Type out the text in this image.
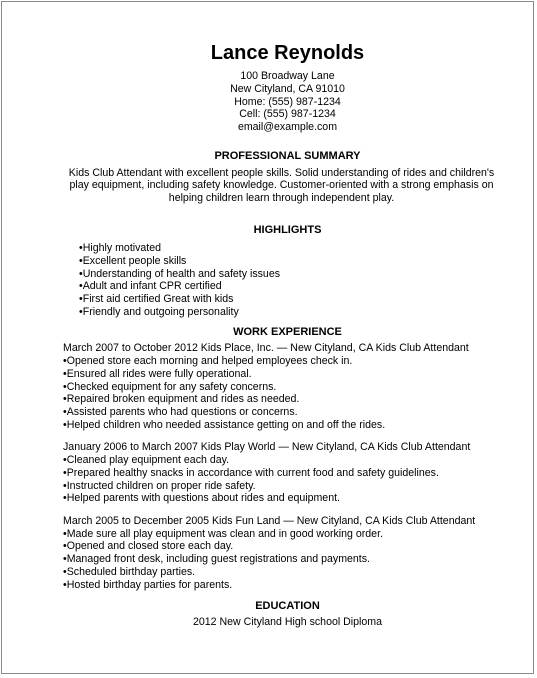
Lance Reynolds
100 Broadway Lane
New Cityland, CA 91010
Home: (555) 987-1234
Cell: (555) 987-1234
email@example.com
PROFESSIONAL SUMMARY
Kids Club Attendant with excellent people skills. Solid understanding of rides and children's play equipment, including safety knowledge. Customer-oriented with a strong emphasis on helping children learn through independent play.
HIGHLIGHTS
• Highly motivated
• Excellent people skills
• Understanding of health and safety issues
• Adult and infant CPR certified
• First aid certified Great with kids
• Friendly and outgoing personality
WORK EXPERIENCE
March 2007 to October 2012 Kids Place, Inc. — New Cityland, CA Kids Club Attendant
• Opened store each morning and helped employees check in.
• Ensured all rides were fully operational.
• Checked equipment for any safety concerns.
• Repaired broken equipment and rides as needed.
• Assisted parents who had questions or concerns.
• Helped children who needed assistance getting on and off the rides.
January 2006 to March 2007 Kids Play World — New Cityland, CA Kids Club Attendant
• Cleaned play equipment each day.
• Prepared healthy snacks in accordance with current food and safety guidelines.
• Instructed children on proper ride safety.
• Helped parents with questions about rides and equipment.
March 2005 to December 2005 Kids Fun Land — New Cityland, CA Kids Club Attendant
• Made sure all play equipment was clean and in good working order.
• Opened and closed store each day.
• Managed front desk, including guest registrations and payments.
• Scheduled birthday parties.
• Hosted birthday parties for parents.
EDUCATION
2012 New Cityland High school Diploma
